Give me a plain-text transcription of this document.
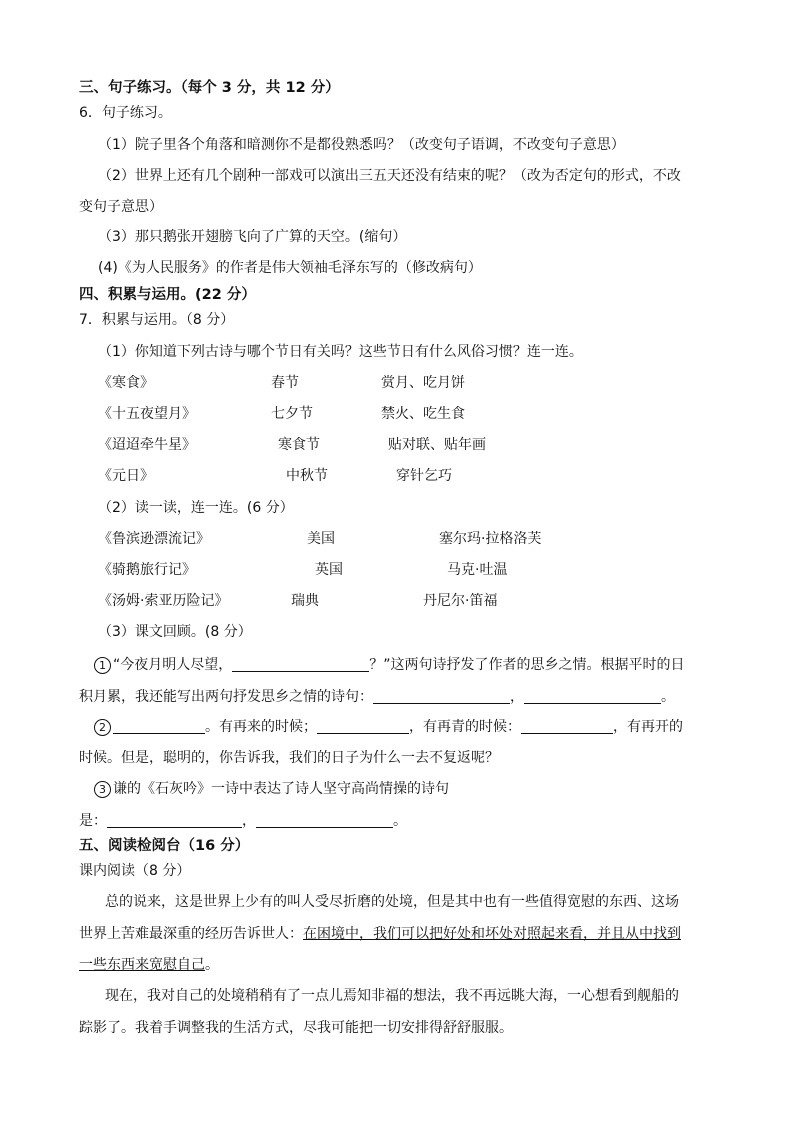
三、句子练习。（每个 3 分，共 12 分）
6．句子练习。
（1）院子里各个角落和暗测你不是都役熟悉吗？（改变句子语调，不改变句子意思）
（2）世界上还有几个剧种一部戏可以演出三五天还没有结束的呢？（改为否定句的形式，不改
变句子意思）
（3）那只鹅张开翅膀飞向了广算的天空。(缩句）
(4)《为人民服务》的作者是伟大领袖毛泽东写的（修改病句）
四、积累与运用。(22 分）
7．积累与运用。（8 分）
（1）你知道下列古诗与哪个节日有关吗？这些节日有什么风俗习惯？连一连。
《寒食》	春节	赏月、吃月饼
《十五夜望月》	七夕节	禁火、吃生食
《迢迢牵牛星》	寒食节	贴对联、贴年画
《元日》	中秋节	穿针乞巧
（2）读一读，连一连。(6 分）
《鲁滨逊漂流记》	美国	塞尔玛·拉格洛芙
《骑鹅旅行记》	英国	马克·吐温
《汤姆·索亚历险记》	瑞典	丹尼尔·笛福
（3）课文回顾。(8 分）
1 “今夜月明人尽望，	？”这两句诗抒发了作者的思乡之情。根据平时的日
积月累，我还能写出两句抒发思乡之情的诗句：	，	。
2	。有再来的时候；	，有再青的时候：	，有再开的
时候。但是，聪明的，你告诉我，我们的日子为什么一去不复返呢？
3 谦的《石灰吟》一诗中表达了诗人坚守高尚情操的诗句
是：	，	。
五、阅读检阅台（16 分）
课内阅读（8 分）
总的说来，这是世界上少有的叫人受尽折磨的处境，但是其中也有一些值得宽慰的东西、这场
世界上苦难最深重的经历告诉世人：在困境中，我们可以把好处和坏处对照起来看，并且从中找到
一些东西来宽慰自己。
现在，我对自己的处境稍稍有了一点儿焉知非福的想法，我不再远眺大海，一心想看到舰船的
踪影了。我着手调整我的生活方式，尽我可能把一切安排得舒舒服服。
